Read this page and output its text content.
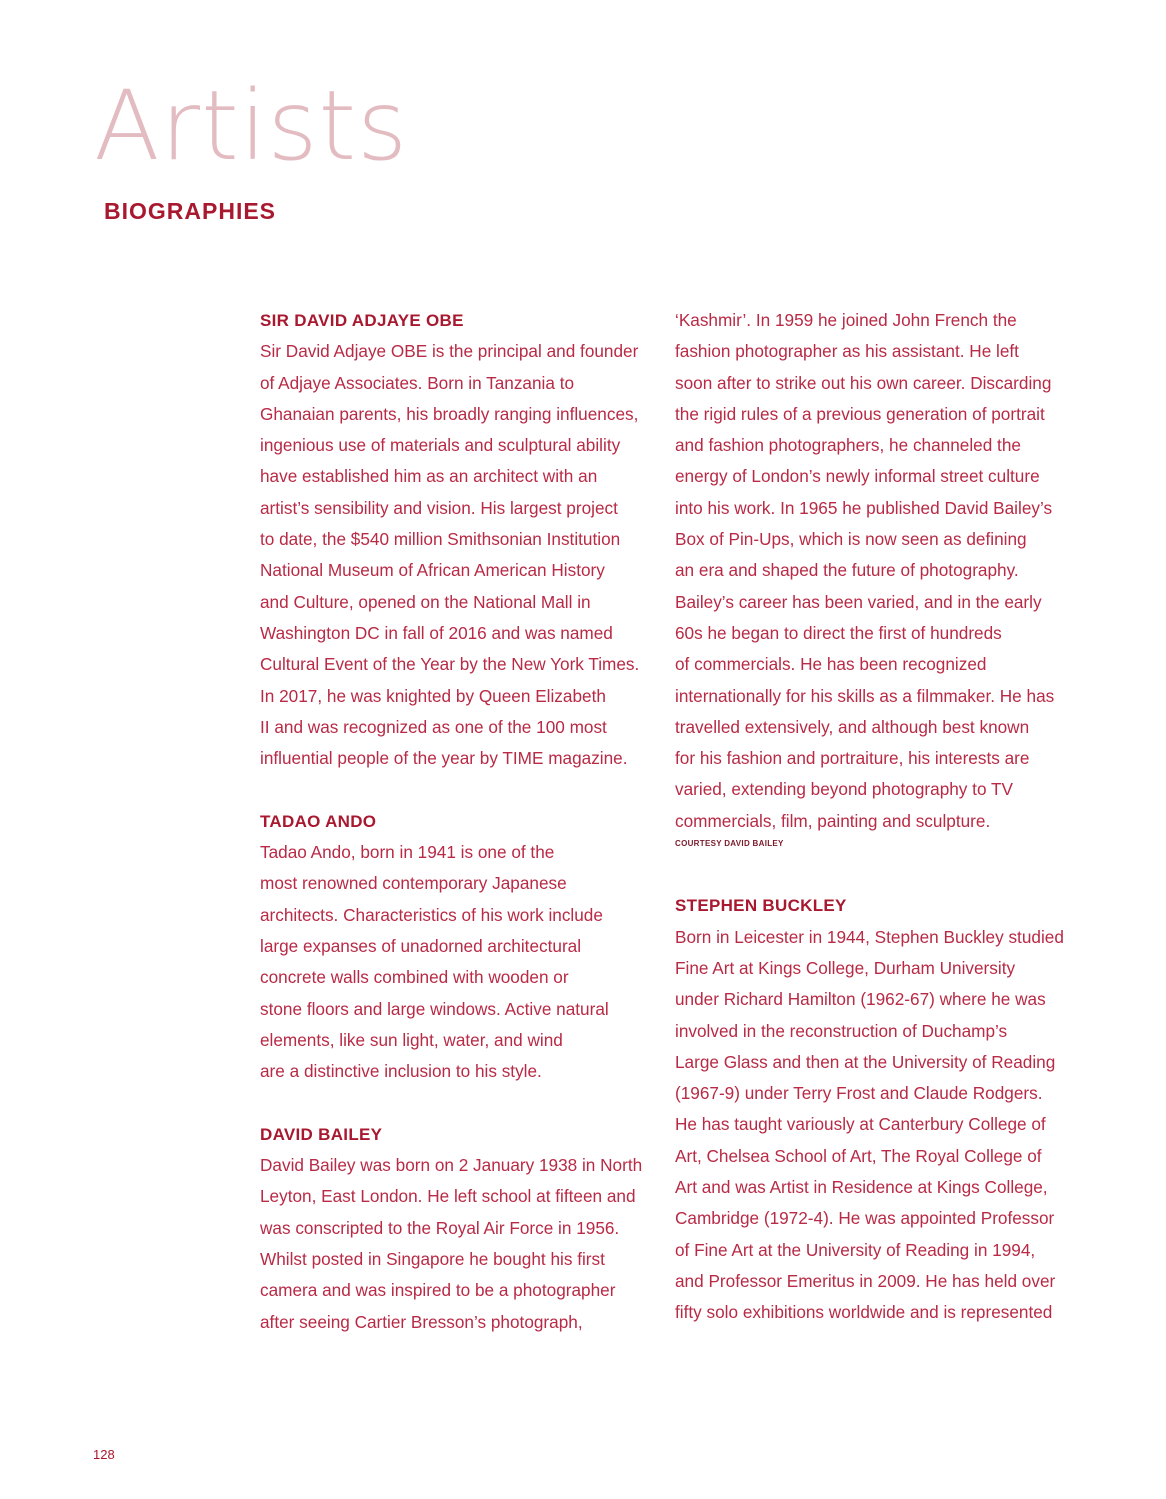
Artists
BIOGRAPHIES
SIR DAVID ADJAYE OBE
Sir David Adjaye OBE is the principal and founder
of Adjaye Associates. Born in Tanzania to
Ghanaian parents, his broadly ranging influences,
ingenious use of materials and sculptural ability
have established him as an architect with an
artist’s sensibility and vision. His largest project
to date, the $540 million Smithsonian Institution
National Museum of African American History
and Culture, opened on the National Mall in
Washington DC in fall of 2016 and was named
Cultural Event of the Year by the New York Times.
In 2017, he was knighted by Queen Elizabeth
II and was recognized as one of the 100 most
influential people of the year by TIME magazine.
TADAO ANDO
Tadao Ando, born in 1941 is one of the
most renowned contemporary Japanese
architects. Characteristics of his work include
large expanses of unadorned architectural
concrete walls combined with wooden or
stone floors and large windows. Active natural
elements, like sun light, water, and wind
are a distinctive inclusion to his style.
DAVID BAILEY
David Bailey was born on 2 January 1938 in North
Leyton, East London. He left school at fifteen and
was conscripted to the Royal Air Force in 1956.
Whilst posted in Singapore he bought his first
camera and was inspired to be a photographer
after seeing Cartier Bresson’s photograph,
‘Kashmir’. In 1959 he joined John French the
fashion photographer as his assistant. He left
soon after to strike out his own career. Discarding
the rigid rules of a previous generation of portrait
and fashion photographers, he channeled the
energy of London’s newly informal street culture
into his work. In 1965 he published David Bailey’s
Box of Pin-Ups, which is now seen as defining
an era and shaped the future of photography.
Bailey’s career has been varied, and in the early
60s he began to direct the first of hundreds
of commercials. He has been recognized
internationally for his skills as a filmmaker. He has
travelled extensively, and although best known
for his fashion and portraiture, his interests are
varied, extending beyond photography to TV
commercials, film, painting and sculpture.
COURTESY DAVID BAILEY
STEPHEN BUCKLEY
Born in Leicester in 1944, Stephen Buckley studied
Fine Art at Kings College, Durham University
under Richard Hamilton (1962-67) where he was
involved in the reconstruction of Duchamp’s
Large Glass and then at the University of Reading
(1967-9) under Terry Frost and Claude Rodgers.
He has taught variously at Canterbury College of
Art, Chelsea School of Art, The Royal College of
Art and was Artist in Residence at Kings College,
Cambridge (1972-4). He was appointed Professor
of Fine Art at the University of Reading in 1994,
and Professor Emeritus in 2009. He has held over
fifty solo exhibitions worldwide and is represented
128
